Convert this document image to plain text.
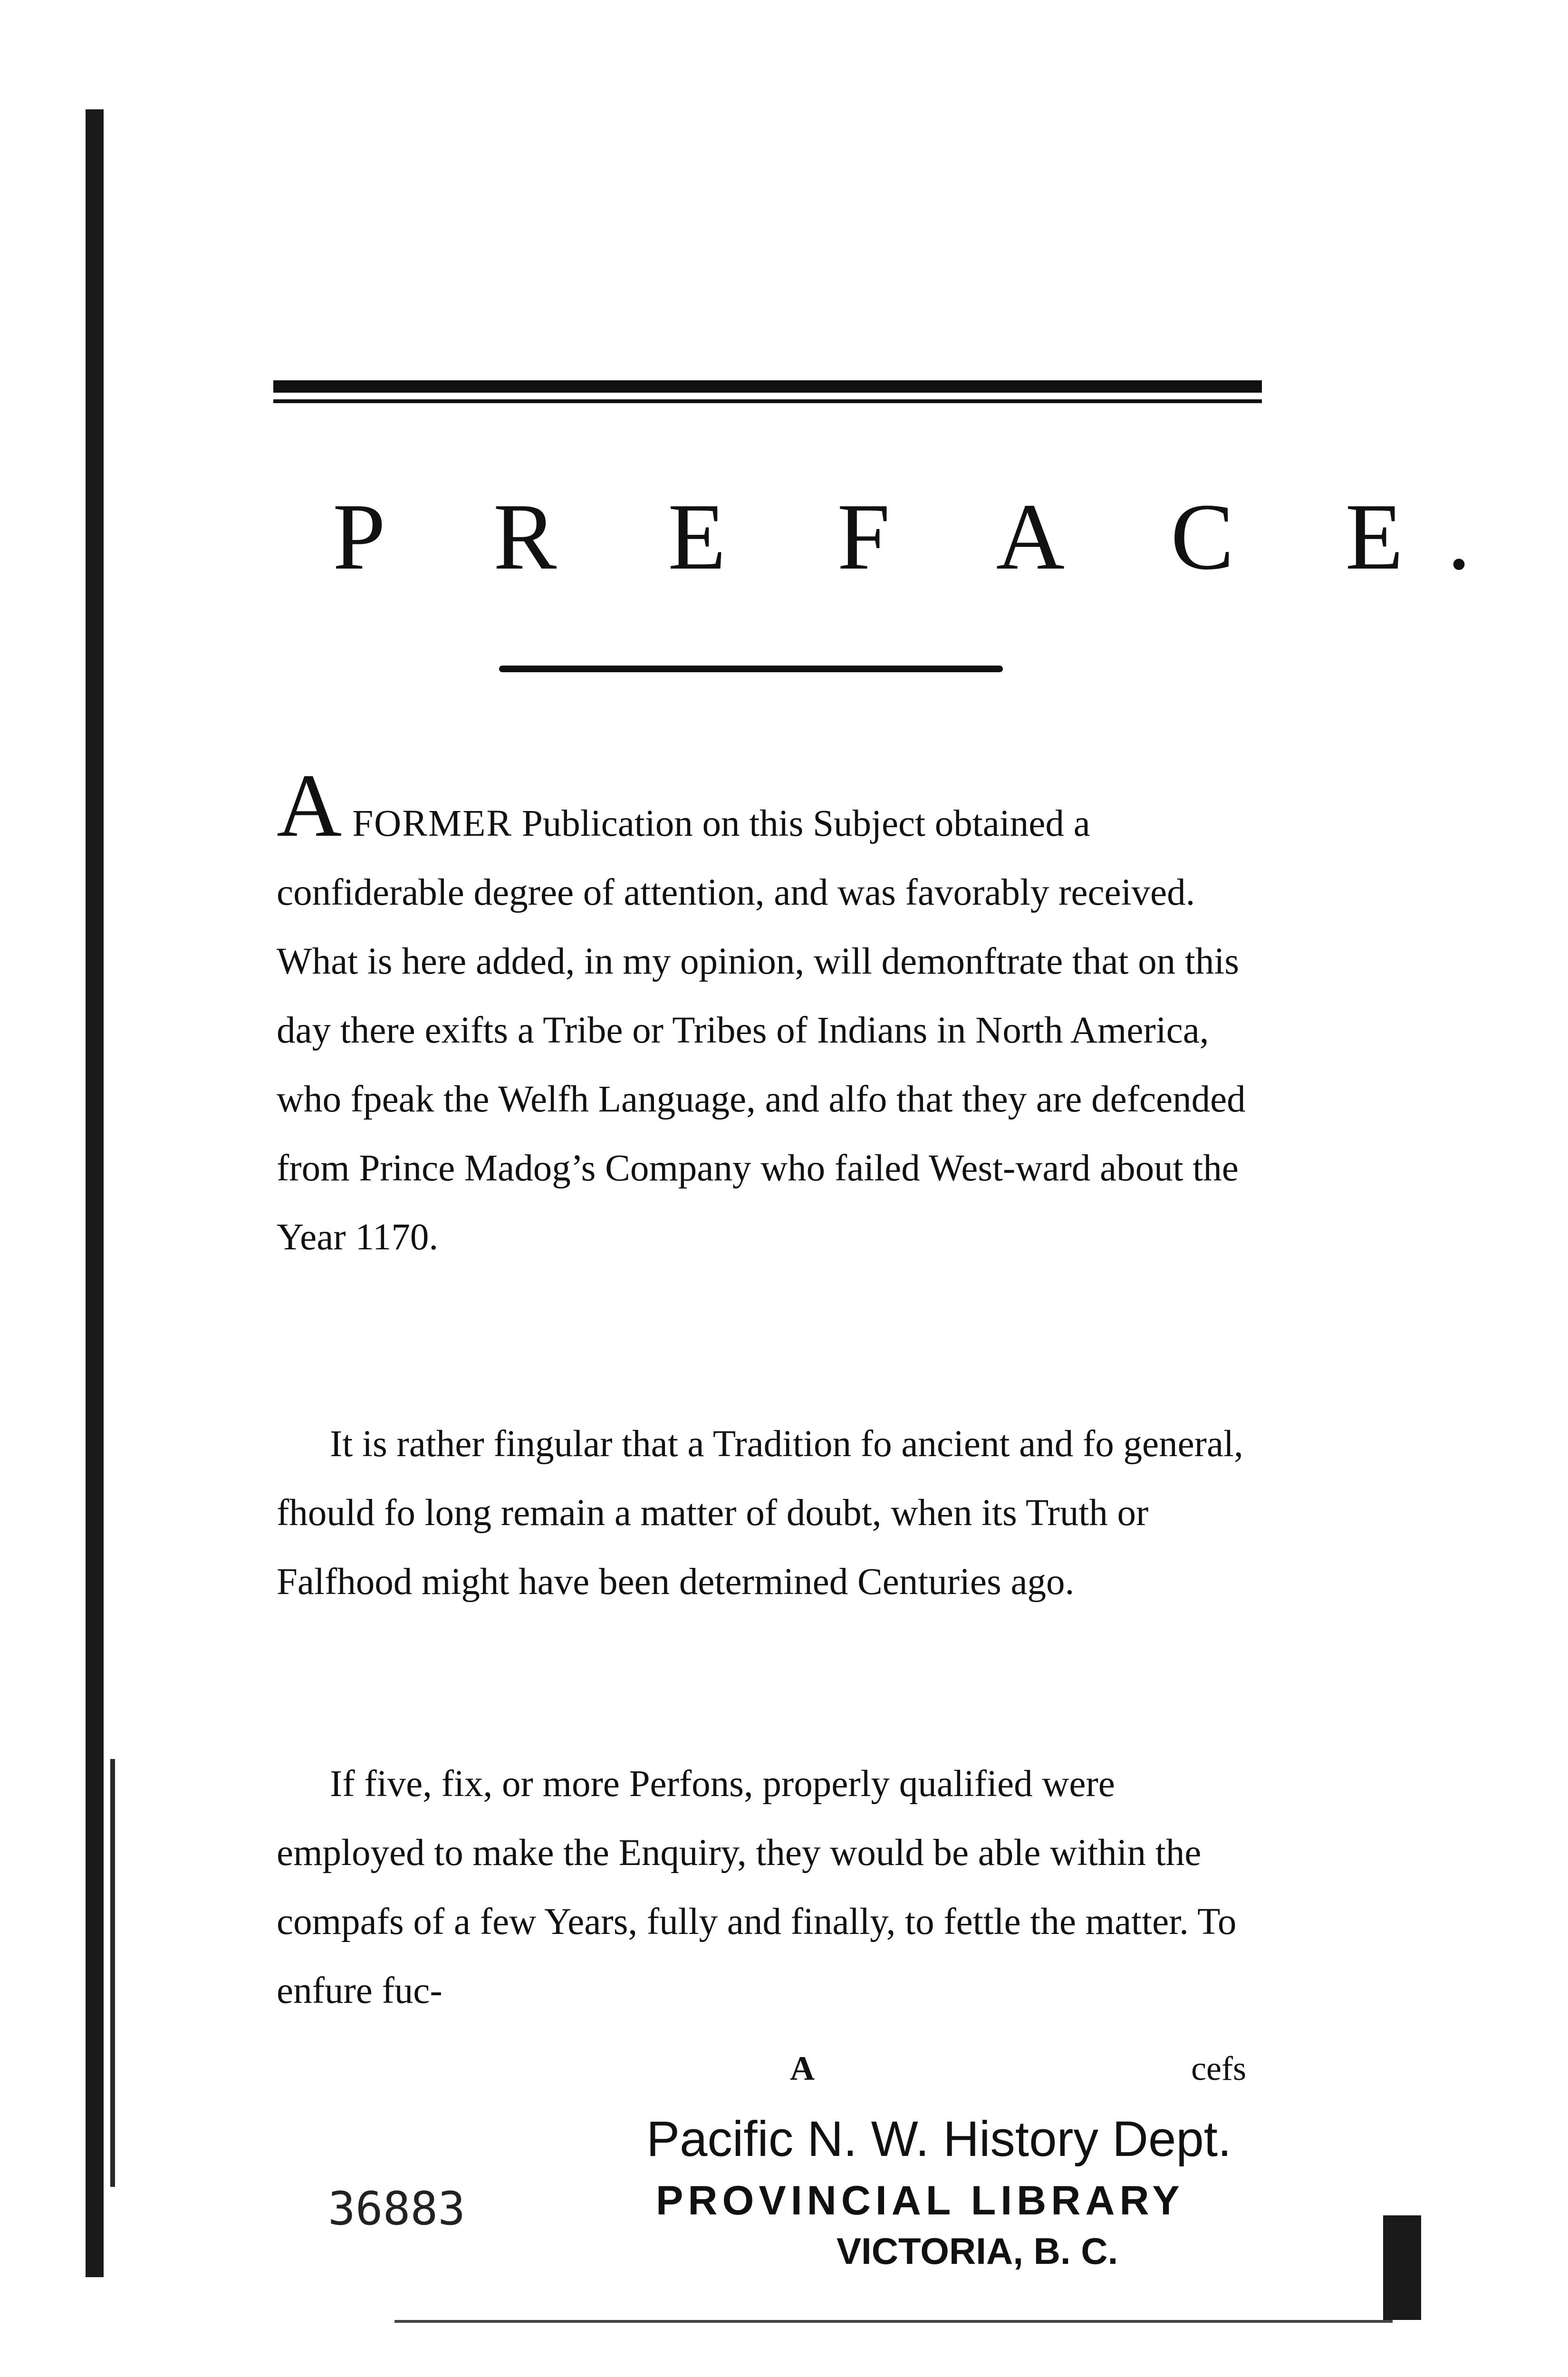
P R E F A C E.
AFORMER Publication on this Subject obtained a confiderable degree of attention, and was favorably received. What is here added, in my opinion, will demonftrate that on this day there exifts a Tribe or Tribes of Indians in North America, who fpeak the Welfh Language, and alfo that they are defcended from Prince Madog’s Company who failed West-ward about the Year 1170.
It is rather fingular that a Tradition fo ancient and fo general, fhould fo long remain a matter of doubt, when its Truth or Falfhood might have been determined Centuries ago.
If five, fix, or more Perfons, properly qualified were employed to make the Enquiry, they would be able within the compafs of a few Years, fully and finally, to fettle the matter. To enfure fuc-
A	cefs
Pacific N. W. History Dept.
PROVINCIAL LIBRARY
VICTORIA, B. C.
36883
